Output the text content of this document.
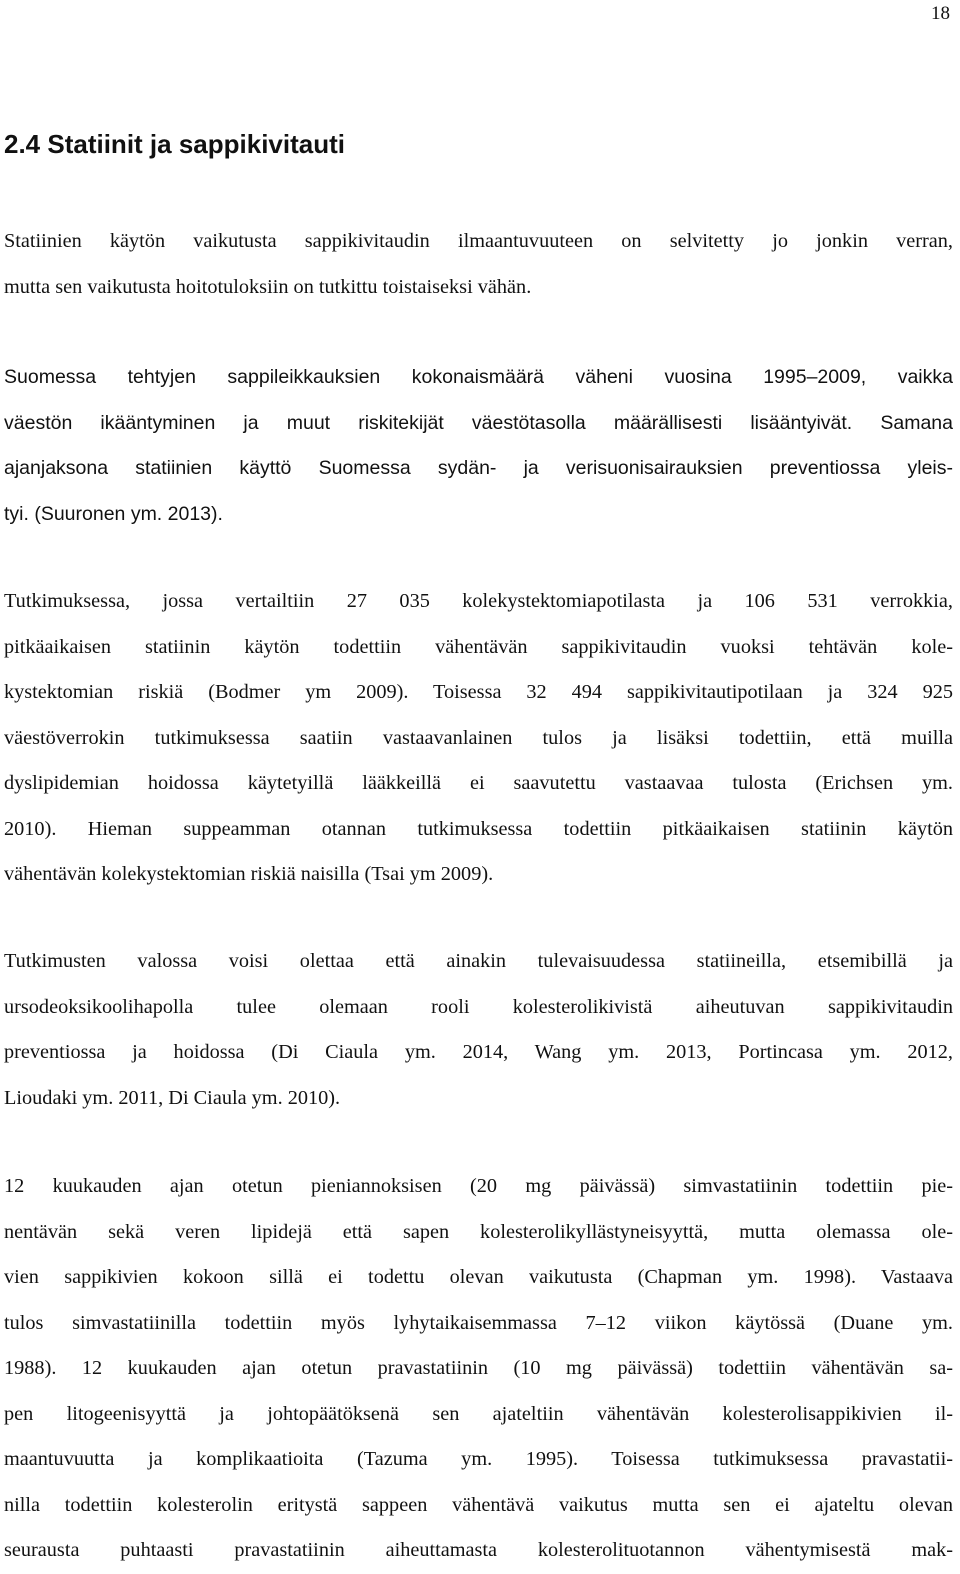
18
2.4 Statiinit ja sappikivitauti
Statiinien käytön vaikutusta sappikivitaudin ilmaantuvuuteen on selvitetty jo jonkin verran,
mutta sen vaikutusta hoitotuloksiin on tutkittu toistaiseksi vähän.
Suomessa tehtyjen sappileikkauksien kokonaismäärä väheni vuosina 1995–2009, vaikka
väestön ikääntyminen ja muut riskitekijät väestötasolla määrällisesti lisääntyivät. Samana
ajanjaksona statiinien käyttö Suomessa sydän- ja verisuonisairauksien preventiossa yleis-
tyi. (Suuronen ym. 2013).
Tutkimuksessa, jossa vertailtiin 27 035 kolekystektomiapotilasta ja 106 531 verrokkia,
pitkäaikaisen statiinin käytön todettiin vähentävän sappikivitaudin vuoksi tehtävän kole-
kystektomian riskiä (Bodmer ym 2009). Toisessa 32 494 sappikivitautipotilaan ja 324 925
väestöverrokin tutkimuksessa saatiin vastaavanlainen tulos ja lisäksi todettiin, että muilla
dyslipidemian hoidossa käytetyillä lääkkeillä ei saavutettu vastaavaa tulosta (Erichsen ym.
2010). Hieman suppeamman otannan tutkimuksessa todettiin pitkäaikaisen statiinin käytön
vähentävän kolekystektomian riskiä naisilla (Tsai ym 2009).
Tutkimusten valossa voisi olettaa että ainakin tulevaisuudessa statiineilla, etsemibillä ja
ursodeoksikoolihapolla tulee olemaan rooli kolesterolikivistä aiheutuvan sappikivitaudin
preventiossa ja hoidossa (Di Ciaula ym. 2014, Wang ym. 2013, Portincasa ym. 2012,
Lioudaki ym. 2011, Di Ciaula ym. 2010).
12 kuukauden ajan otetun pieniannoksisen (20 mg päivässä) simvastatiinin todettiin pie-
nentävän sekä veren lipidejä että sapen kolesterolikyllästyneisyyttä, mutta olemassa ole-
vien sappikivien kokoon sillä ei todettu olevan vaikutusta (Chapman ym. 1998). Vastaava
tulos simvastatiinilla todettiin myös lyhytaikaisemmassa 7–12 viikon käytössä (Duane ym.
1988). 12 kuukauden ajan otetun pravastatiinin (10 mg päivässä) todettiin vähentävän sa-
pen litogeenisyyttä ja johtopäätöksenä sen ajateltiin vähentävän kolesterolisappikivien il-
maantuvuutta ja komplikaatioita (Tazuma ym. 1995). Toisessa tutkimuksessa pravastatii-
nilla todettiin kolesterolin eritystä sappeen vähentävä vaikutus mutta sen ei ajateltu olevan
seurausta puhtaasti pravastatiinin aiheuttamasta kolesterolituotannon vähentymisestä mak-
